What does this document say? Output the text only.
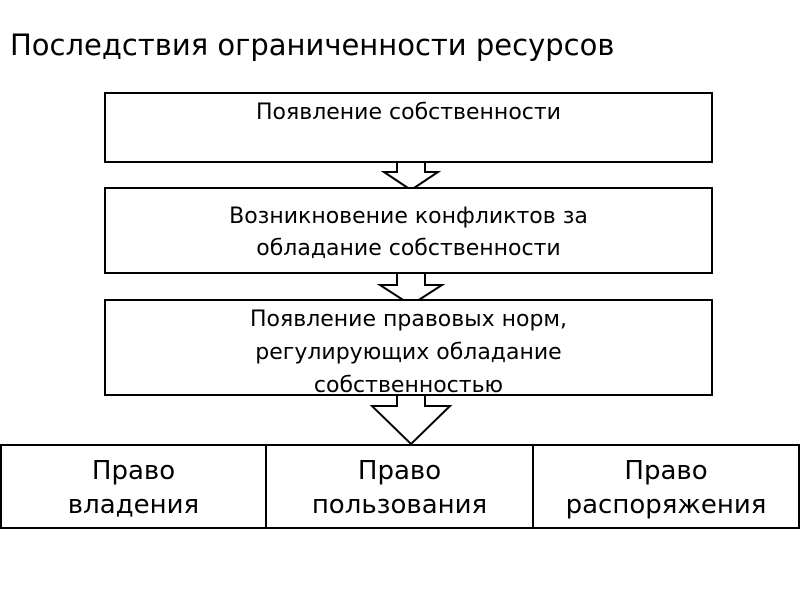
Последствия ограниченности ресурсов
Появление собственности
Возникновение конфликтов за
обладание собственности
Появление правовых норм,
регулирующих обладание
собственностью
Право
владения
Право
пользования
Право
распоряжения
